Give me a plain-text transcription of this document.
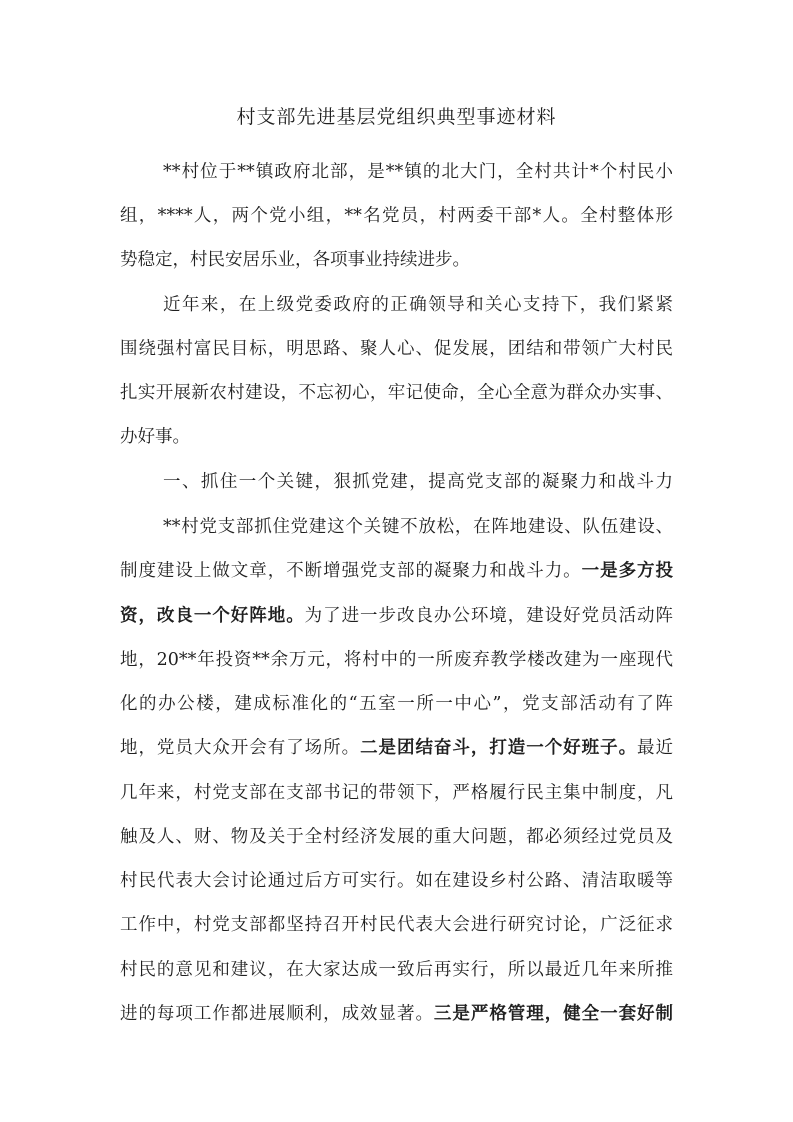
村支部先进基层党组织典型事迹材料
**村位于**镇政府北部，是**镇的北大门，全村共计*个村民小
组，****人，两个党小组，**名党员，村两委干部*人。全村整体形
势稳定，村民安居乐业，各项事业持续进步。
近年来，在上级党委政府的正确领导和关心支持下，我们紧紧
围绕强村富民目标，明思路、聚人心、促发展，团结和带领广大村民
扎实开展新农村建设，不忘初心，牢记使命，全心全意为群众办实事、
办好事。
一、抓住一个关键，狠抓党建，提高党支部的凝聚力和战斗力
**村党支部抓住党建这个关键不放松，在阵地建设、队伍建设、
制度建设上做文章，不断增强党支部的凝聚力和战斗力。一是多方投
资，改良一个好阵地。为了进一步改良办公环境，建设好党员活动阵
地，20**年投资**余万元，将村中的一所废弃教学楼改建为一座现代
化的办公楼，建成标准化的“五室一所一中心”，党支部活动有了阵
地，党员大众开会有了场所。二是团结奋斗，打造一个好班子。最近
几年来，村党支部在支部书记的带领下，严格履行民主集中制度，凡
触及人、财、物及关于全村经济发展的重大问题，都必须经过党员及
村民代表大会讨论通过后方可实行。如在建设乡村公路、清洁取暖等
工作中，村党支部都坚持召开村民代表大会进行研究讨论，广泛征求
村民的意见和建议，在大家达成一致后再实行，所以最近几年来所推
进的每项工作都进展顺利，成效显著。三是严格管理，健全一套好制
